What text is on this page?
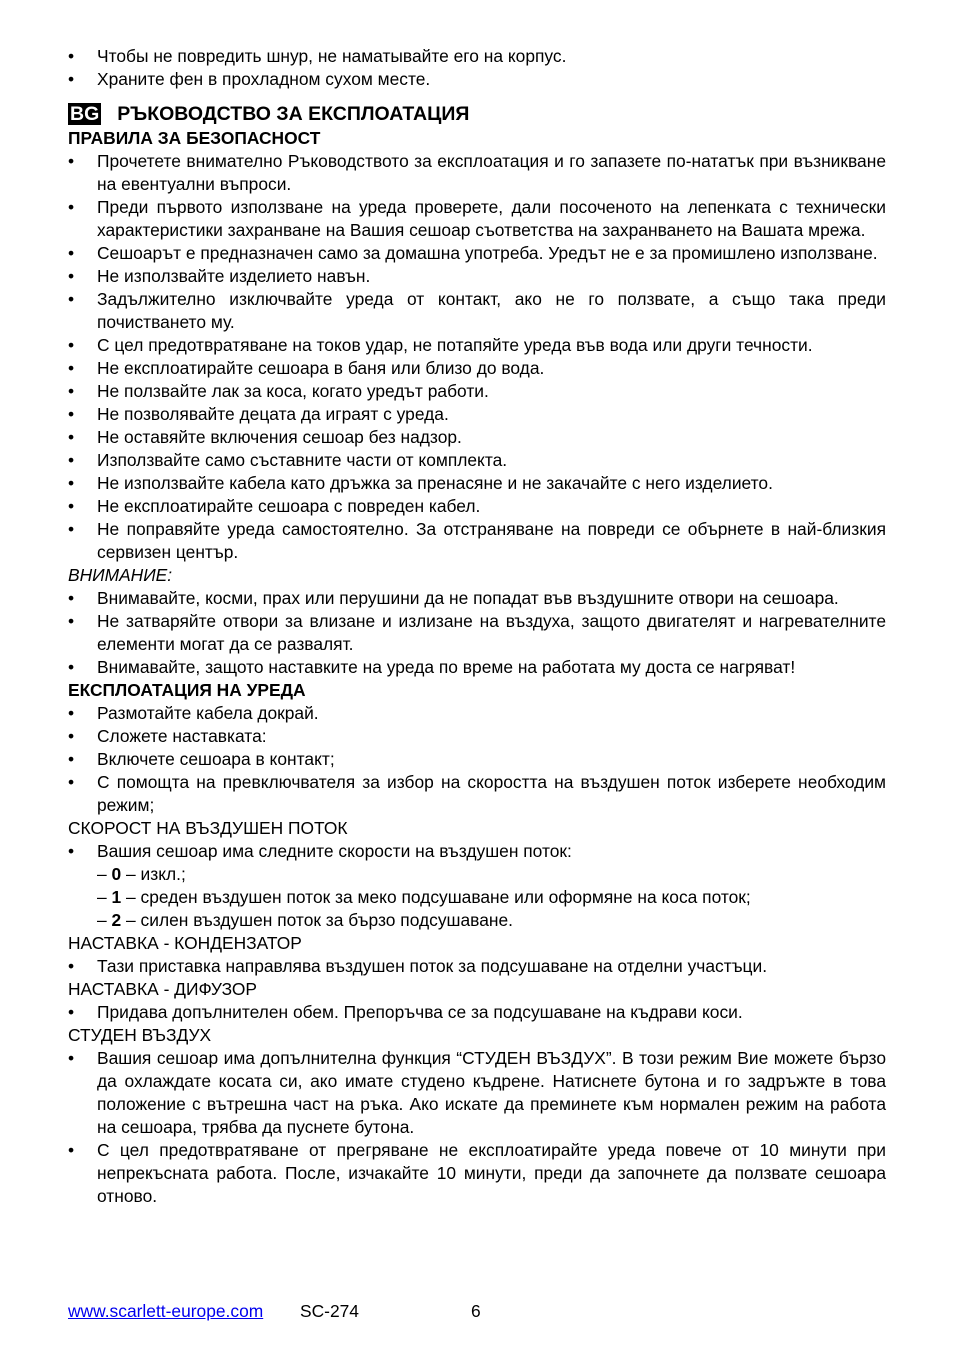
• Чтобы не повредить шнур, не наматывайте его на корпус.
• Храните фен в прохладном сухом месте.
BG РЪКОВОДСТВО ЗА ЕКСПЛОАТАЦИЯ
ПРАВИЛА ЗА БЕЗОПАСНОСТ
• Прочетете внимателно Ръководството за експлоатация и го запазете по-нататък при възникване на евентуални въпроси.
• Преди първото използване на уреда проверете, дали посоченото на лепенката с технически характеристики захранване на Вашия сешоар съответства на захранването на Вашата мрежа.
• Сешоарът е предназначен само за домашна употреба. Уредът не е за промишлено използване.
• Не използвайте изделието навън.
• Задължително изключвайте уреда от контакт, ако не го ползвате, а също така преди почистването му.
• С цел предотвратяване на токов удар, не потапяйте уреда във вода или други течности.
• Не експлоатирайте сешоара в баня или близо до вода.
• Не ползвайте лак за коса, когато уредът работи.
• Не позволявайте децата да играят с уреда.
• Не оставяйте включения сешоар без надзор.
• Използвайте само съставните части от комплекта.
• Не използвайте кабела като дръжка за пренасяне и не закачайте с него изделието.
• Не експлоатирайте сешоара с повреден кабел.
• Не поправяйте уреда самостоятелно. За отстраняване на повреди се обърнете в най-близкия сервизен център.
ВНИМАНИЕ:
• Внимавайте, косми, прах или перушини да не попадат във въздушните отвори на сешоара.
• Не затваряйте отвори за влизане и излизане на въздуха, защото двигателят и нагревателните елементи могат да се развалят.
• Внимавайте, защото наставките на уреда по време на работата му доста се нагряват!
ЕКСПЛОАТАЦИЯ НА УРЕДА
• Размотайте кабела докрай.
• Сложете наставката:
• Включете сешоара в контакт;
• С помощта на превключвателя за избор на скоростта на въздушен поток изберете необходим режим;
СКОРОСТ НА ВЪЗДУШЕН ПОТОК
• Вашия сешоар има следните скорости на въздушен поток:
– 0 – изкл.;
– 1 – среден въздушен поток за меко подсушаване или оформяне на коса поток;
– 2 – силен въздушен поток за бързо подсушаване.
НАСТАВКА - КОНДЕНЗАТОР
• Тази приставка направлява въздушен поток за подсушаване на отделни участъци.
НАСТАВКА - ДИФУЗОР
• Придава допълнителен обем. Препоръчва се за подсушаване на къдрави коси.
СТУДЕН ВЪЗДУХ
• Вашия сешоар има допълнителна функция “СТУДЕН ВЪЗДУХ”. В този режим Вие можете бързо да охлаждате косата си, ако имате студено къдрене. Натиснете бутона и го задръжте в това положение с вътрешна част на ръка. Ако искате да преминете към нормален режим на работа на сешоара, трябва да пуснете бутона.
• С цел предотвратяване от прегряване не експлоатирайте уреда повече от 10 минути при непрекъсната работа. После, изчакайте 10 минути, преди да започнете да ползвате сешоара отново.
www.scarlett-europe.com SC-274	6
